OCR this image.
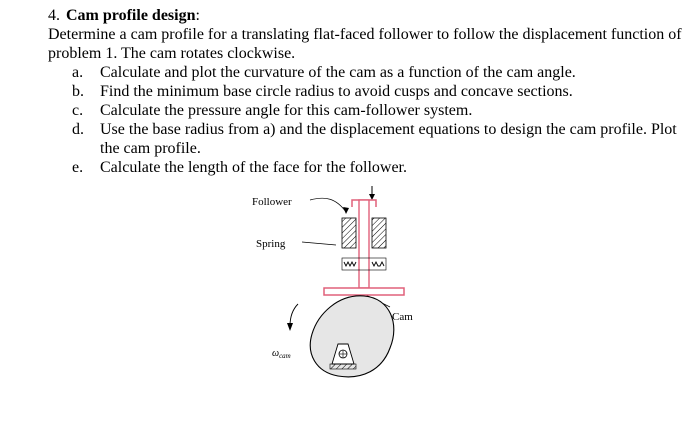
4. Cam profile design:

Determine a cam profile for a translating flat-faced follower to follow the displacement function of problem 1. The cam rotates clockwise.

a.	Calculate and plot the curvature of the cam as a function of the cam angle.
b.	Find the minimum base circle radius to avoid cusps and concave sections.
c.	Calculate the pressure angle for this cam-follower system.
d.	Use the base radius from a) and the displacement equations to design the cam profile. Plot the cam profile.
e.	Calculate the length of the face for the follower.
Follower
Spring
Cam
$\omega_{cam}$
